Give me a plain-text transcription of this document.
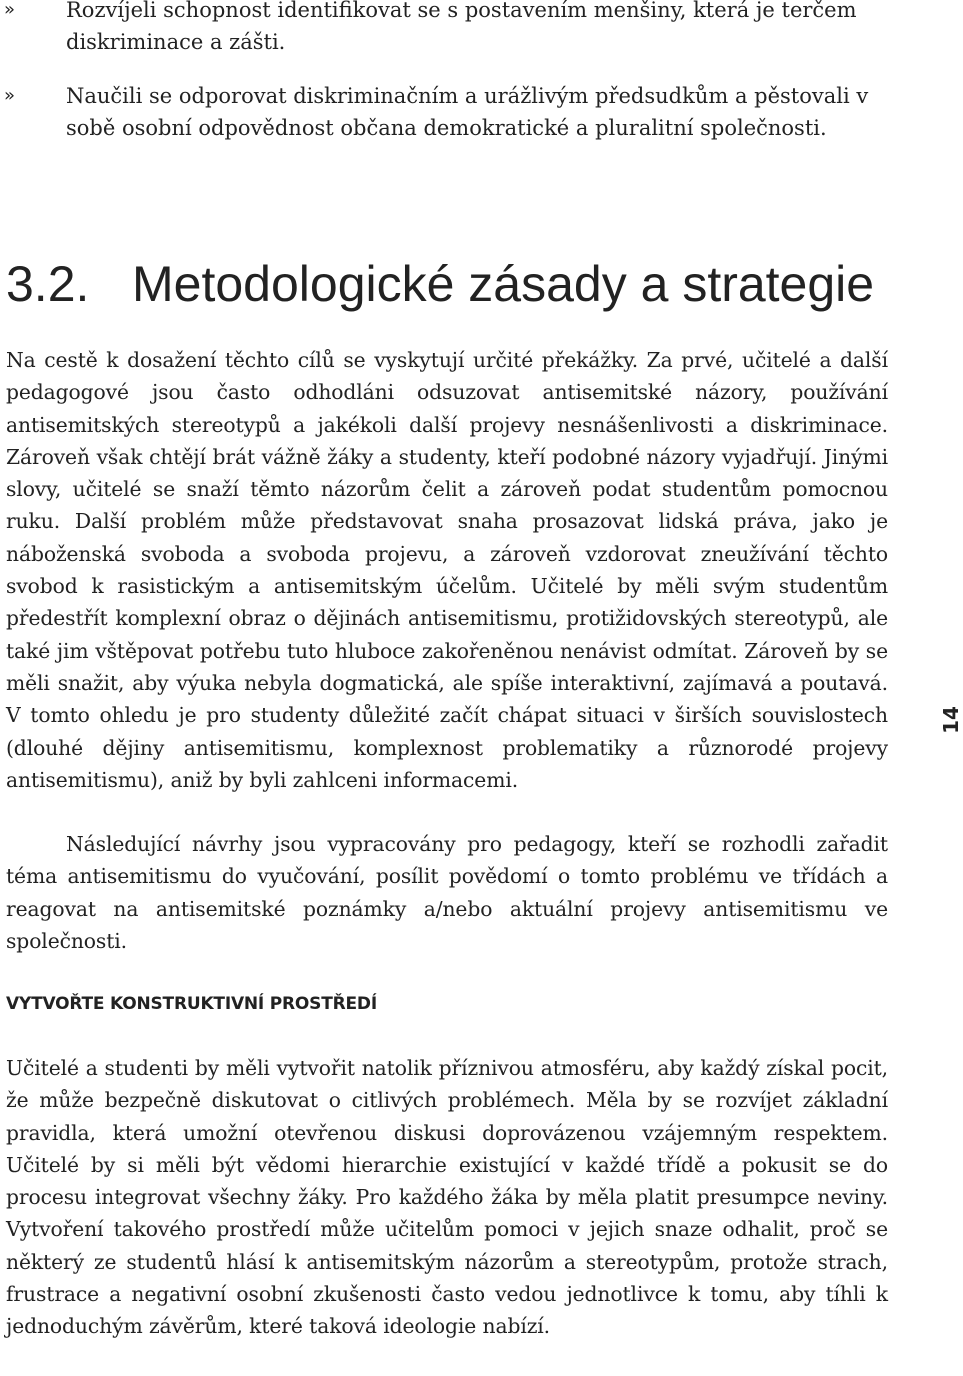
» Rozvíjeli schopnost identifikovat se s postavením menšiny, která je terčem diskriminace a zášti.
» Naučili se odporovat diskriminačním a urážlivým předsudkům a pěstovali v sobě osobní odpovědnost občana demokratické a pluralitní společnosti.
3.2. Metodologické zásady a strategie

Na cestě k dosažení těchto cílů se vyskytují určité překážky. Za prvé, učitelé a další pedagogové jsou často odhodláni odsuzovat antisemitské názory, používání antisemitských stereotypů a jakékoli další projevy nesnášenlivosti a diskriminace. Zároveň však chtějí brát vážně žáky a studenty, kteří podobné názory vyjadřují. Jinými slovy, učitelé se snaží těmto názorům čelit a zároveň podat studentům pomocnou ruku. Další problém může představovat snaha prosazovat lidská práva, jako je náboženská svoboda a svoboda projevu, a zároveň vzdorovat zneužívání těchto svobod k rasistickým a antisemitským účelům. Učitelé by měli svým studentům předestřít komplexní obraz o dějinách antisemitismu, protižidovských stereotypů, ale také jim vštěpovat potřebu tuto hluboce zakořeněnou nenávist odmítat. Zároveň by se měli snažit, aby výuka nebyla dogmatická, ale spíše interaktivní, zajímavá a poutavá. V tomto ohledu je pro studenty důležité začít chápat situaci v širších souvislostech (dlouhé dějiny antisemitismu, komplexnost problematiky a různorodé projevy antisemitismu), aniž by byli zahlceni informacemi.

Následující návrhy jsou vypracovány pro pedagogy, kteří se rozhodli zařadit téma antisemitismu do vyučování, posílit povědomí o tomto problému ve třídách a reagovat na antisemitské poznámky a/nebo aktuální projevy antisemitismu ve společnosti.

VYTVOŘTE KONSTRUKTIVNÍ PROSTŘEDÍ

Učitelé a studenti by měli vytvořit natolik příznivou atmosféru, aby každý získal pocit, že může bezpečně diskutovat o citlivých problémech. Měla by se rozvíjet základní pravidla, která umožní otevřenou diskusi doprovázenou vzájemným respektem. Učitelé by si měli být vědomi hierarchie existující v každé třídě a pokusit se do procesu integrovat všechny žáky. Pro každého žáka by měla platit presumpce neviny. Vytvoření takového prostředí může učitelům pomoci v jejich snaze odhalit, proč se některý ze studentů hlásí k antisemitským názorům a stereotypům, protože strach, frustrace a negativní osobní zkušenosti často vedou jednotlivce k tomu, aby tíhli k jednoduchým závěrům, které taková ideologie nabízí.

14
